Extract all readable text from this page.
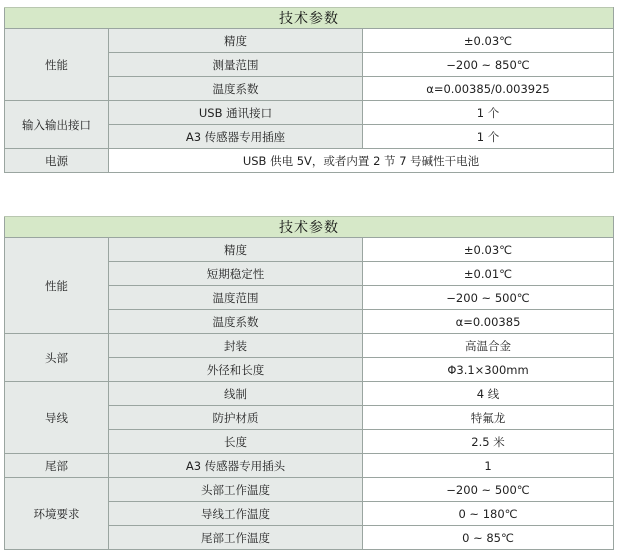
技术参数		
性能	精度	±0.03℃
	测量范围	−200 ~ 850℃
	温度系数	α=0.00385/0.003925
输入输出接口	USB 通讯接口	1 个
	A3 传感器专用插座	1 个
电源	USB 供电 5V，或者内置 2 节 7 号碱性干电池	
技术参数		
性能	精度	±0.03℃
	短期稳定性	±0.01℃
	温度范围	−200 ~ 500℃
	温度系数	α=0.00385
头部	封装	高温合金
	外径和长度	Φ3.1×300mm
导线	线制	4 线
	防护材质	特氟龙
	长度	2.5 米
尾部	A3 传感器专用插头	1
环境要求	头部工作温度	−200 ~ 500℃
	导线工作温度	0 ~ 180℃
	尾部工作温度	0 ~ 85℃
